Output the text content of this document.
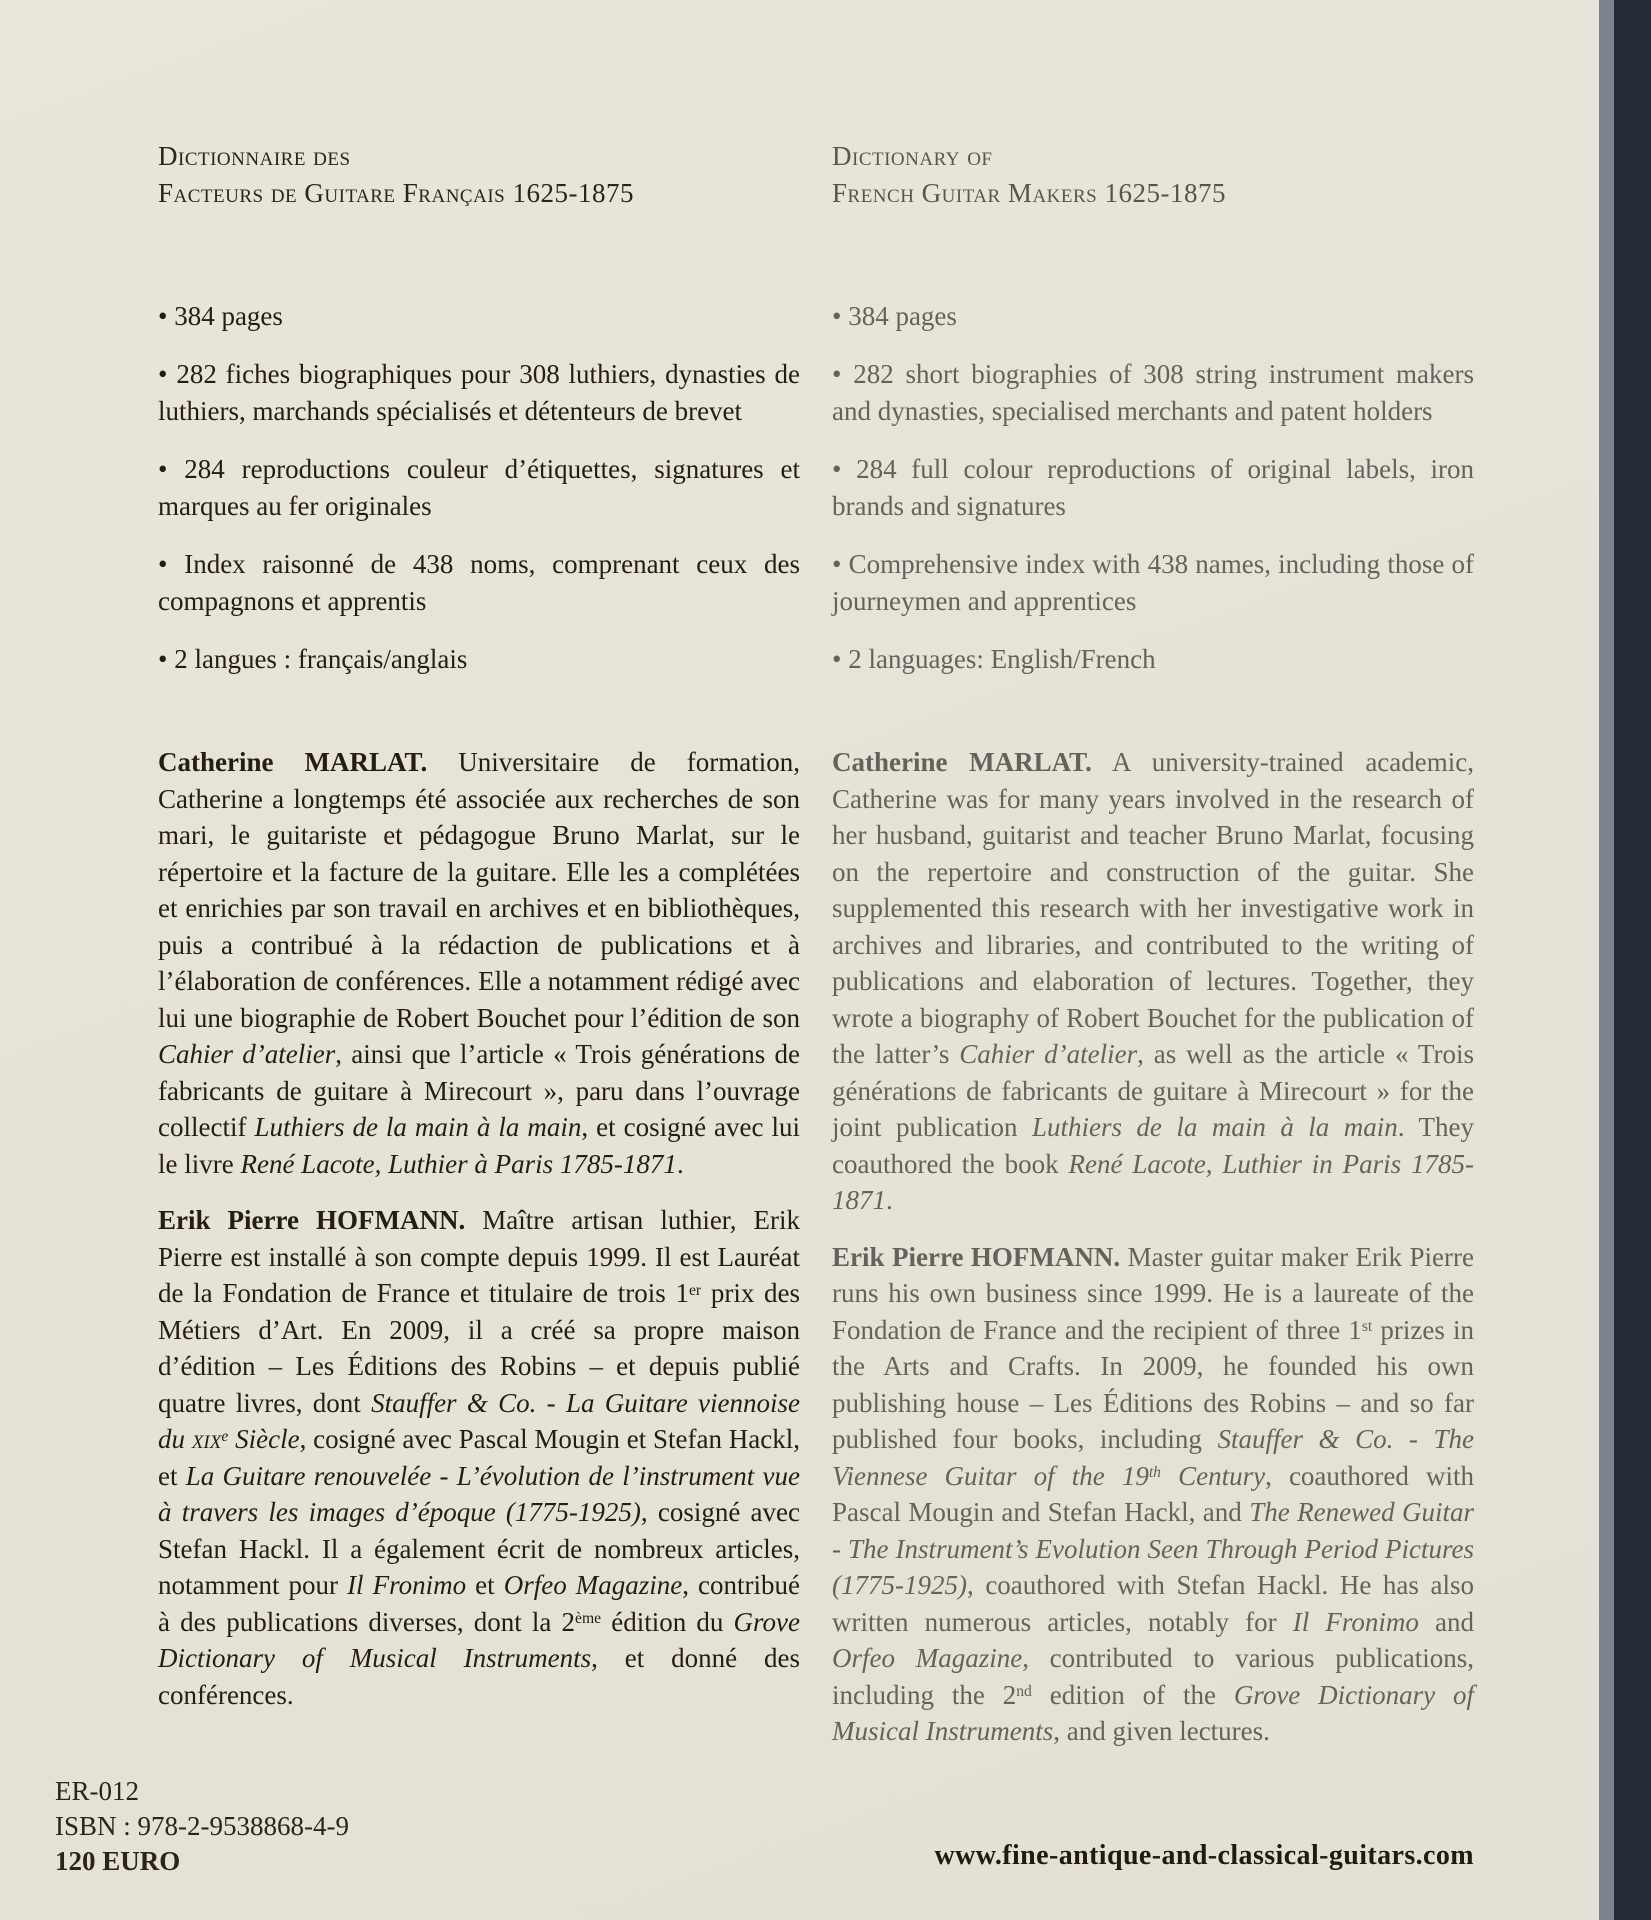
Dictionnaire des
Facteurs de Guitare Français 1625-1875

• 384 pages

• 282 fiches biographiques pour 308 luthiers, dynasties de luthiers, marchands spécialisés et détenteurs de brevet

• 284 reproductions couleur d’étiquettes, signatures et marques au fer originales

• Index raisonné de 438 noms, comprenant ceux des compagnons et apprentis

• 2 langues : français/anglais

Catherine MARLAT. Universitaire de formation, Catherine a longtemps été associée aux recherches de son mari, le guitariste et pédagogue Bruno Marlat, sur le répertoire et la facture de la guitare. Elle les a complétées et enrichies par son travail en archives et en bibliothèques, puis a contribué à la rédaction de publications et à l’élaboration de conférences. Elle a notamment rédigé avec lui une biographie de Robert Bouchet pour l’édition de son Cahier d’atelier, ainsi que l’article « Trois générations de fabricants de guitare à Mirecourt », paru dans l’ouvrage collectif Luthiers de la main à la main, et cosigné avec lui le livre René Lacote, Luthier à Paris 1785-1871.

Erik Pierre HOFMANN. Maître artisan luthier, Erik Pierre est installé à son compte depuis 1999. Il est Lauréat de la Fondation de France et titulaire de trois 1er prix des Métiers d’Art. En 2009, il a créé sa propre maison d’édition – Les Éditions des Robins – et depuis publié quatre livres, dont Stauffer & Co. - La Guitare viennoise du xix$^e$ Siècle, cosigné avec Pascal Mougin et Stefan Hackl, et La Guitare renouvelée - L’évolution de l’instrument vue à travers les images d’époque (1775-1925), cosigné avec Stefan Hackl. Il a également écrit de nombreux articles, notamment pour Il Fronimo et Orfeo Magazine, contribué à des publications diverses, dont la 2ème édition du Grove Dictionary of Musical Instruments, et donné des conférences.

Dictionary of
French Guitar Makers 1625-1875

• 384 pages

• 282 short biographies of 308 string instrument makers and dynasties, specialised merchants and patent holders

• 284 full colour reproductions of original labels, iron brands and signatures

• Comprehensive index with 438 names, including those of journeymen and apprentices

• 2 languages: English/French

Catherine MARLAT. A university-trained academic, Catherine was for many years involved in the research of her husband, guitarist and teacher Bruno Marlat, focusing on the repertoire and construction of the guitar. She supplemented this research with her investigative work in archives and libraries, and contributed to the writing of publications and elaboration of lectures. Together, they wrote a biography of Robert Bouchet for the publication of the latter’s Cahier d’atelier, as well as the article « Trois générations de fabricants de guitare à Mirecourt » for the joint publication Luthiers de la main à la main. They coauthored the book René Lacote, Luthier in Paris 1785-1871.

Erik Pierre HOFMANN. Master guitar maker Erik Pierre runs his own business since 1999. He is a laureate of the Fondation de France and the recipient of three 1st prizes in the Arts and Crafts. In 2009, he founded his own publishing house – Les Éditions des Robins – and so far published four books, including Stauffer & Co. - The Viennese Guitar of the 19th Century, coauthored with Pascal Mougin and Stefan Hackl, and The Renewed Guitar - The Instrument’s Evolution Seen Through Period Pictures (1775-1925), coauthored with Stefan Hackl. He has also written numerous articles, notably for Il Fronimo and Orfeo Magazine, contributed to various publications, including the 2nd edition of the Grove Dictionary of Musical Instruments, and given lectures.

ER-012
ISBN : 978-2-9538868-4-9
120 EURO	www.fine-antique-and-classical-guitars.com
